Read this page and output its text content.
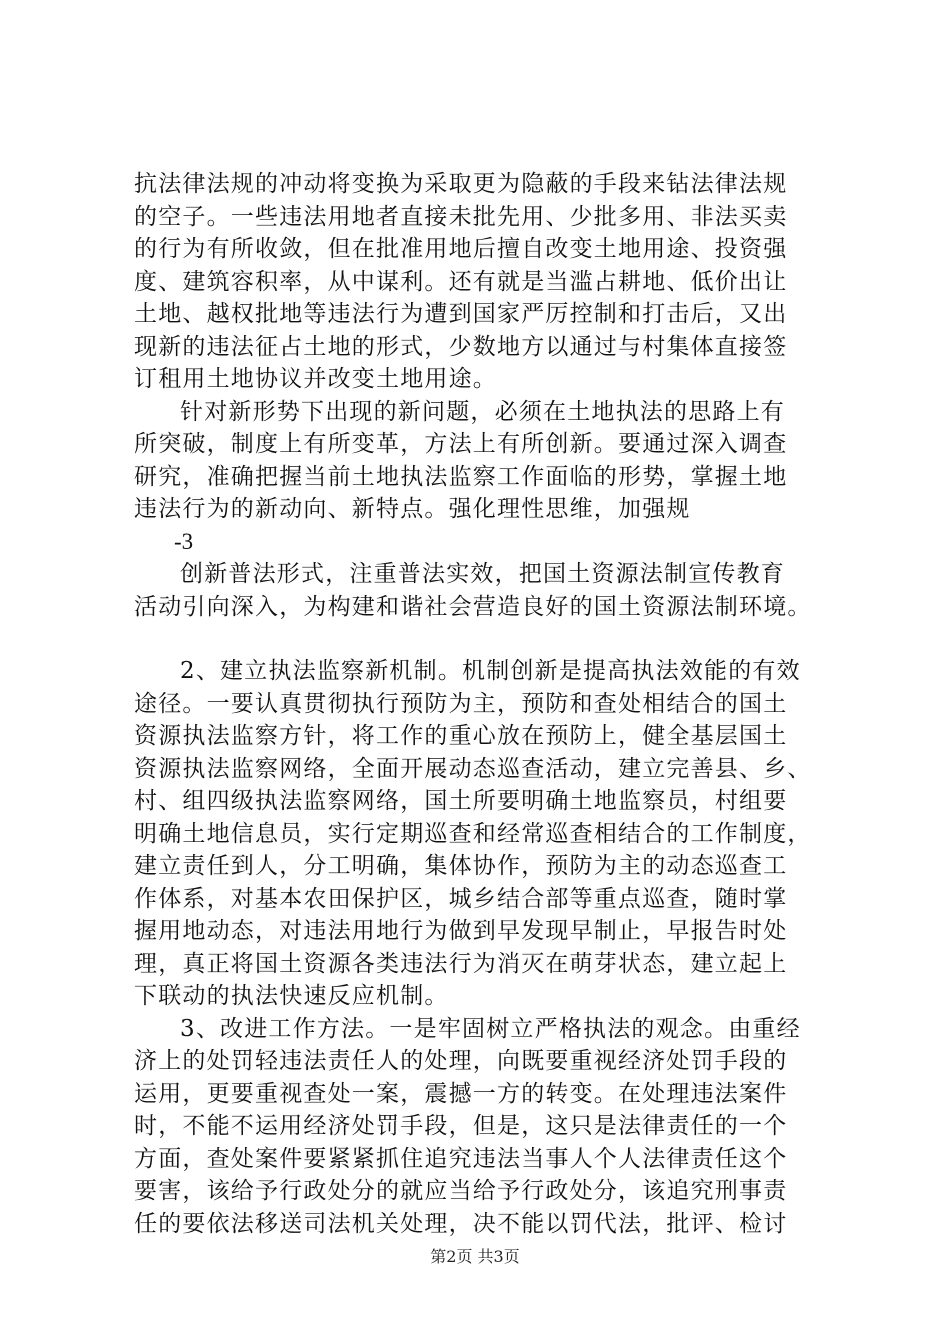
抗法律法规的冲动将变换为采取更为隐蔽的手段来钻法律法规
的空子。一些违法用地者直接未批先用、少批多用、非法买卖
的行为有所收敛，但在批准用地后擅自改变土地用途、投资强
度、建筑容积率，从中谋利。还有就是当滥占耕地、低价出让
土地、越权批地等违法行为遭到国家严厉控制和打击后，又出
现新的违法征占土地的形式，少数地方以通过与村集体直接签
订租用土地协议并改变土地用途。
针对新形势下出现的新问题，必须在土地执法的思路上有
所突破，制度上有所变革，方法上有所创新。要通过深入调查
研究，准确把握当前土地执法监察工作面临的形势，掌握土地
违法行为的新动向、新特点。强化理性思维，加强规
-3
创新普法形式，注重普法实效，把国土资源法制宣传教育
活动引向深入，为构建和谐社会营造良好的国土资源法制环境。
2、建立执法监察新机制。机制创新是提高执法效能的有效
途径。一要认真贯彻执行预防为主，预防和查处相结合的国土
资源执法监察方针，将工作的重心放在预防上，健全基层国土
资源执法监察网络，全面开展动态巡查活动，建立完善县、乡、
村、组四级执法监察网络，国土所要明确土地监察员，村组要
明确土地信息员，实行定期巡查和经常巡查相结合的工作制度，
建立责任到人，分工明确，集体协作，预防为主的动态巡查工
作体系，对基本农田保护区，城乡结合部等重点巡查，随时掌
握用地动态，对违法用地行为做到早发现早制止，早报告时处
理，真正将国土资源各类违法行为消灭在萌芽状态，建立起上
下联动的执法快速反应机制。
3、改进工作方法。一是牢固树立严格执法的观念。由重经
济上的处罚轻违法责任人的处理，向既要重视经济处罚手段的
运用，更要重视查处一案，震撼一方的转变。在处理违法案件
时，不能不运用经济处罚手段，但是，这只是法律责任的一个
方面，查处案件要紧紧抓住追究违法当事人个人法律责任这个
要害，该给予行政处分的就应当给予行政处分，该追究刑事责
任的要依法移送司法机关处理，决不能以罚代法，批评、检讨
第2页 共3页
